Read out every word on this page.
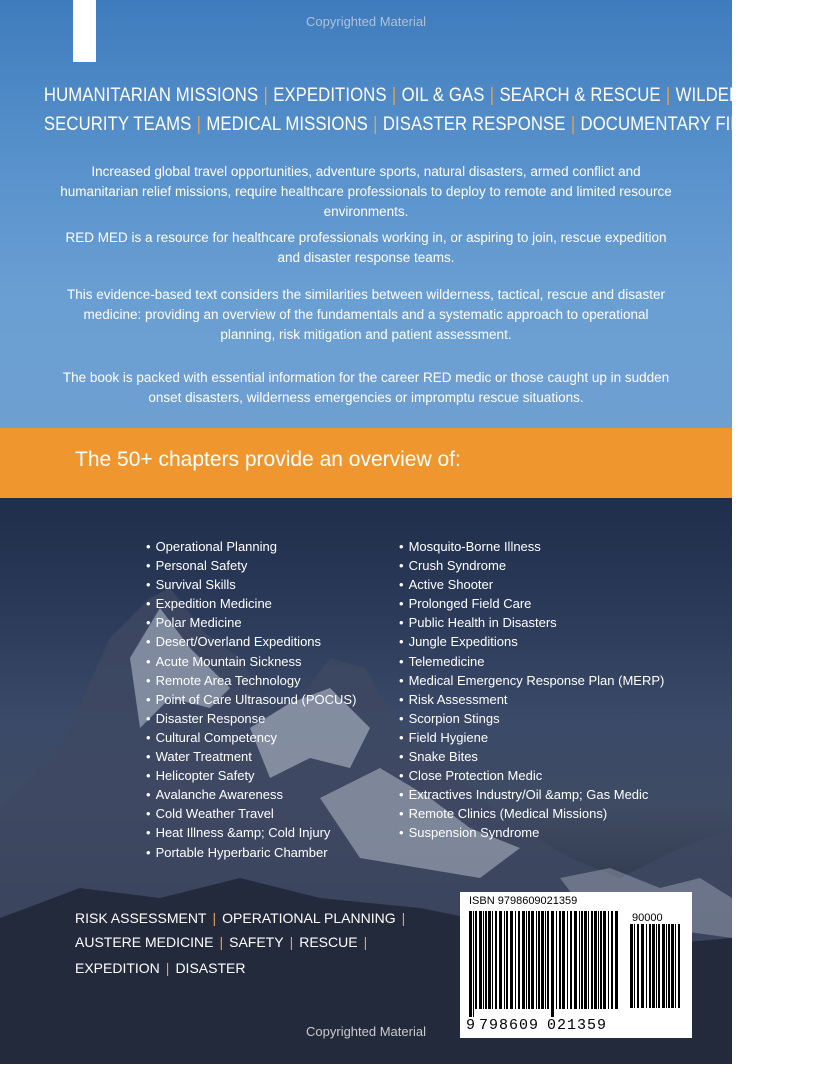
Copyrighted Material
HUMANITARIAN MISSIONS | EXPEDITIONS | OIL & GAS | SEARCH & RESCUE | WILDERNESS
SECURITY TEAMS | MEDICAL MISSIONS | DISASTER RESPONSE | DOCUMENTARY FILM CREWS
Increased global travel opportunities, adventure sports, natural disasters, armed conflict and humanitarian relief missions, require healthcare professionals to deploy to remote and limited resource environments.
RED MED is a resource for healthcare professionals working in, or aspiring to join, rescue expedition and disaster response teams.
This evidence-based text considers the similarities between wilderness, tactical, rescue and disaster medicine: providing an overview of the fundamentals and a systematic approach to operational planning, risk mitigation and patient assessment.
The book is packed with essential information for the career RED medic or those caught up in sudden onset disasters, wilderness emergencies or impromptu rescue situations.
The 50+ chapters provide an overview of:
• Operational Planning
• Personal Safety
• Survival Skills
• Expedition Medicine
• Polar Medicine
• Desert/Overland Expeditions
• Acute Mountain Sickness
• Remote Area Technology
• Point of Care Ultrasound (POCUS)
• Disaster Response
• Cultural Competency
• Water Treatment
• Helicopter Safety
• Avalanche Awareness
• Cold Weather Travel
• Heat Illness &amp; Cold Injury
• Portable Hyperbaric Chamber
• Mosquito-Borne Illness
• Crush Syndrome
• Active Shooter
• Prolonged Field Care
• Public Health in Disasters
• Jungle Expeditions
• Telemedicine
• Medical Emergency Response Plan (MERP)
• Risk Assessment
• Scorpion Stings
• Field Hygiene
• Snake Bites
• Close Protection Medic
• Extractives Industry/Oil &amp; Gas Medic
• Remote Clinics (Medical Missions)
• Suspension Syndrome
RISK ASSESSMENT | OPERATIONAL PLANNING |
AUSTERE MEDICINE | SAFETY | RESCUE |
EXPEDITION | DISASTER
ISBN 9798609021359
90000
9 798609 021359
Copyrighted Material
